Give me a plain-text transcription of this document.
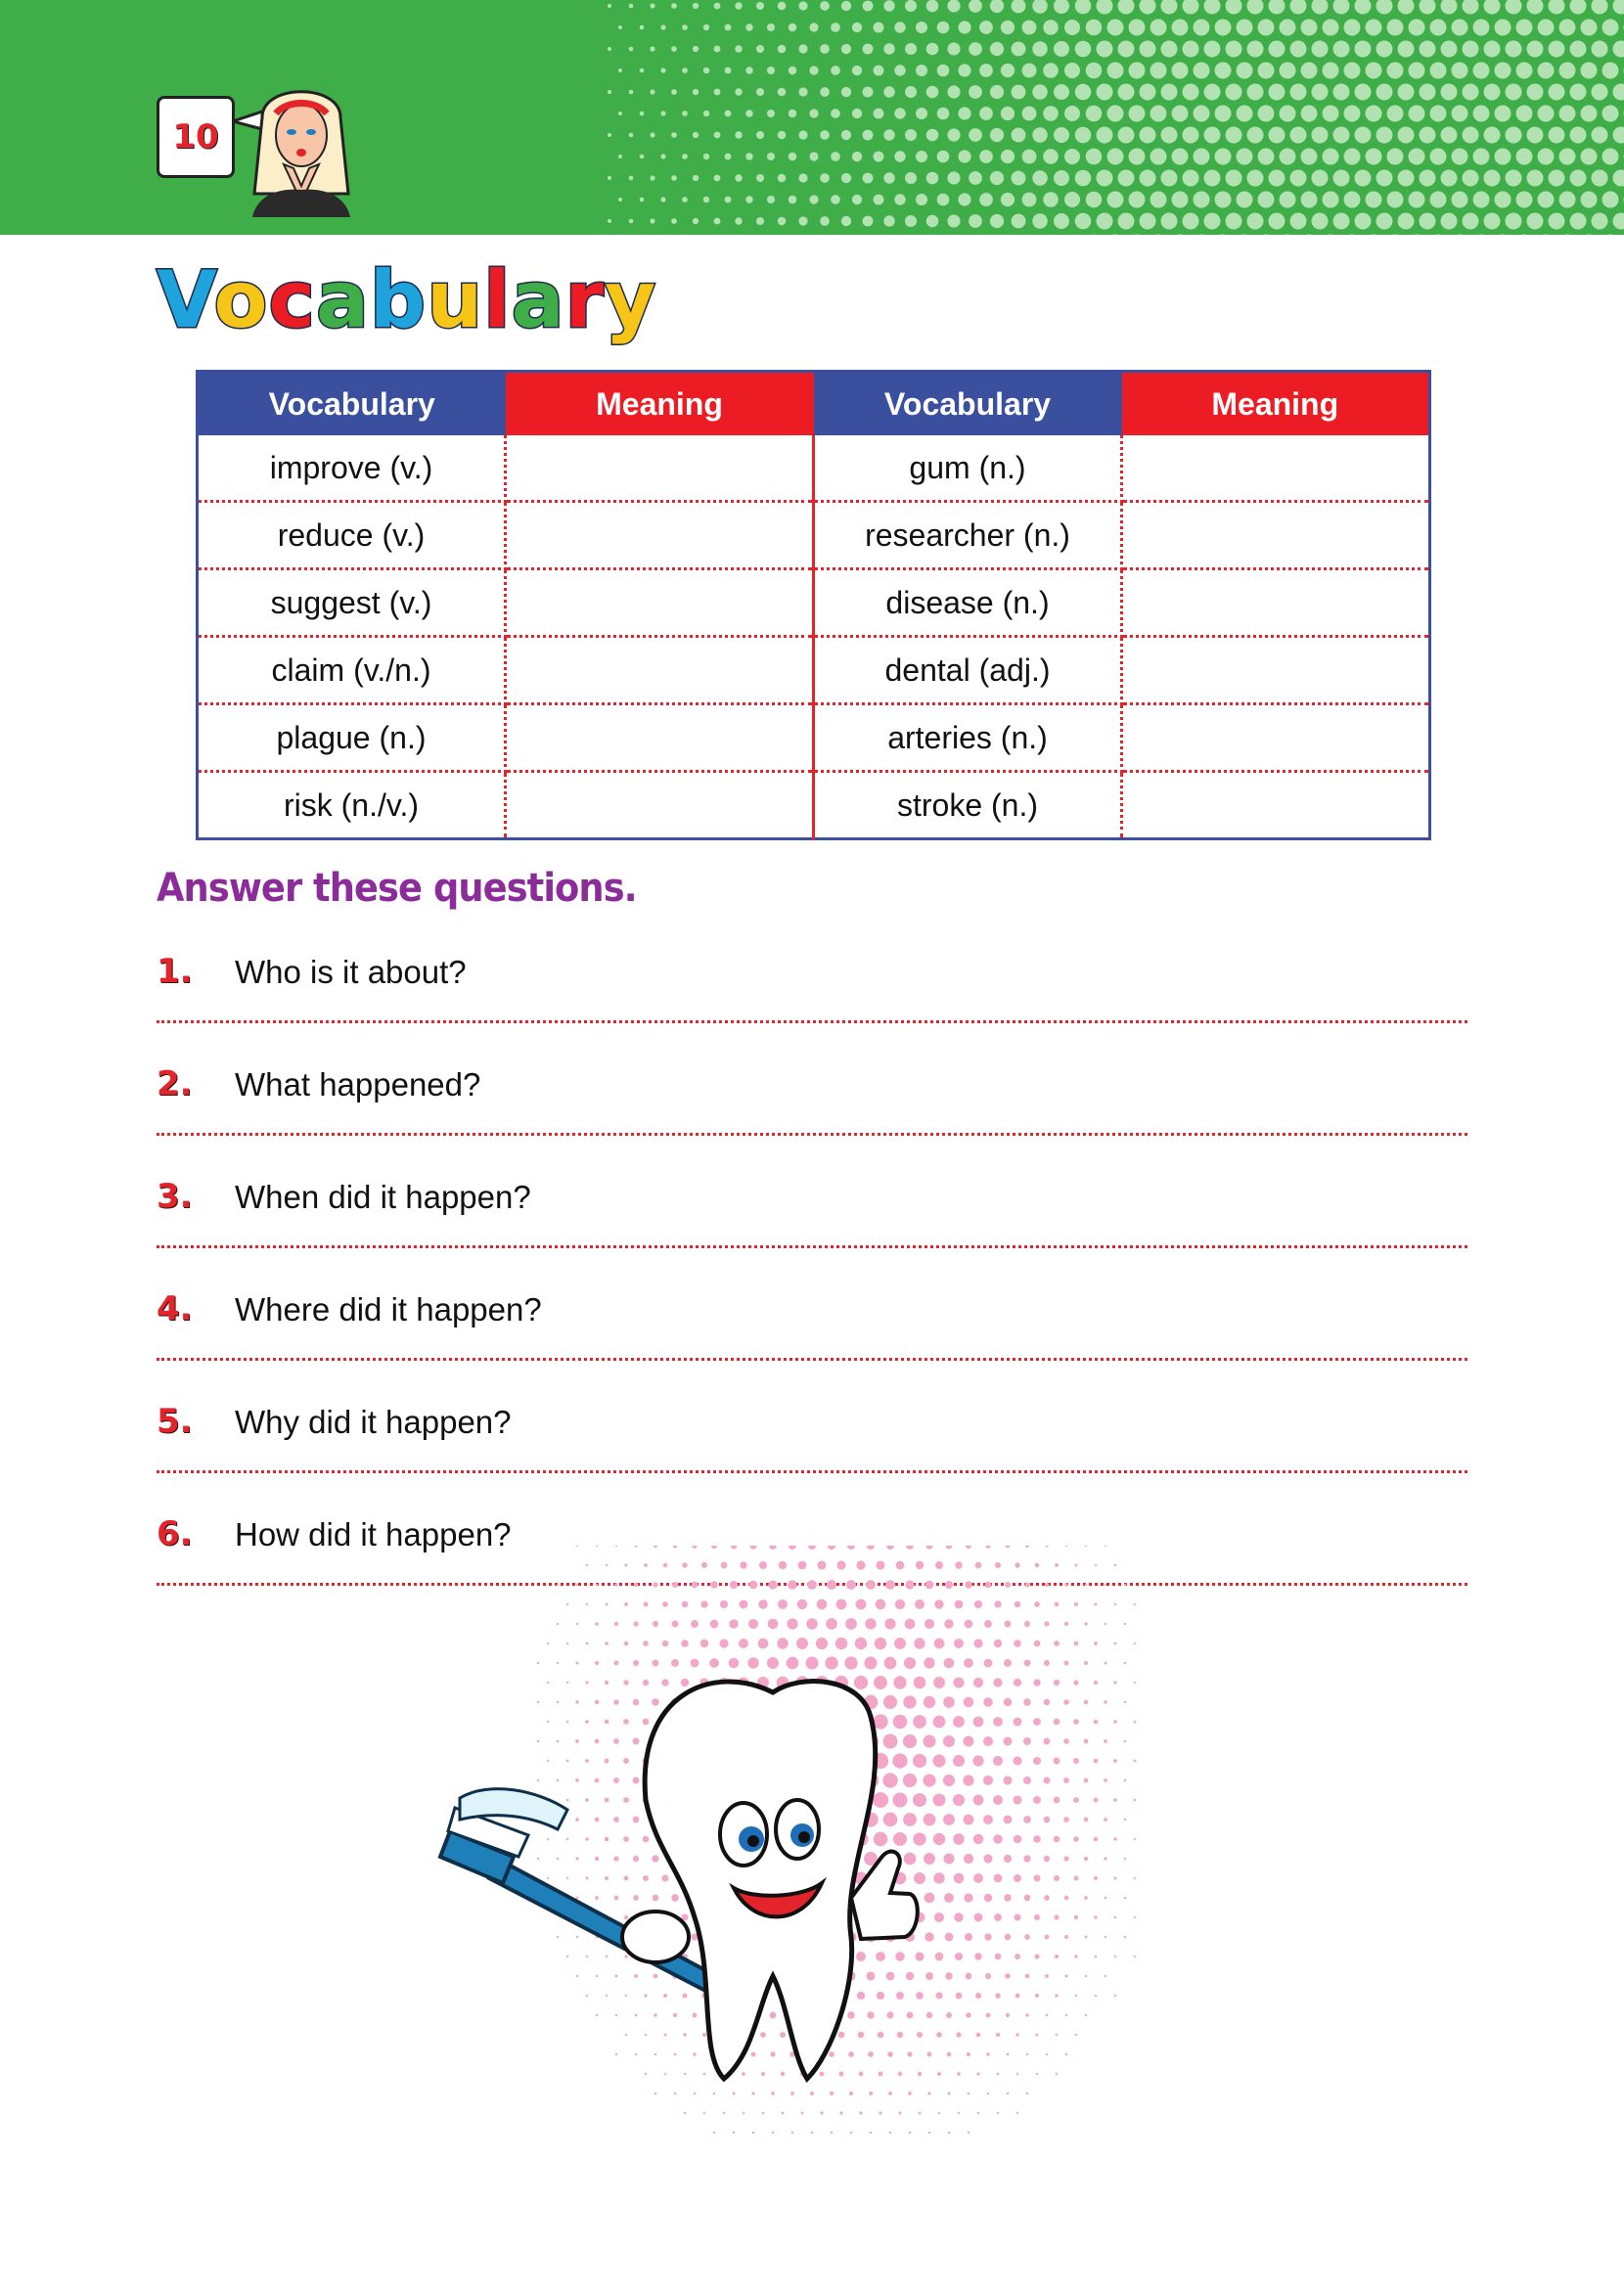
10
Vocabulary
Vocabulary	Meaning	Vocabulary	Meaning
improve (v.)		gum (n.)	
reduce (v.)		researcher (n.)	
suggest (v.)		disease (n.)	
claim (v./n.)		dental (adj.)	
plague (n.)		arteries (n.)	
risk (n./v.)		stroke (n.)	
Answer these questions.
1. Who is it about?
2. What happened?
3. When did it happen?
4. Where did it happen?
5. Why did it happen?
6. How did it happen?
